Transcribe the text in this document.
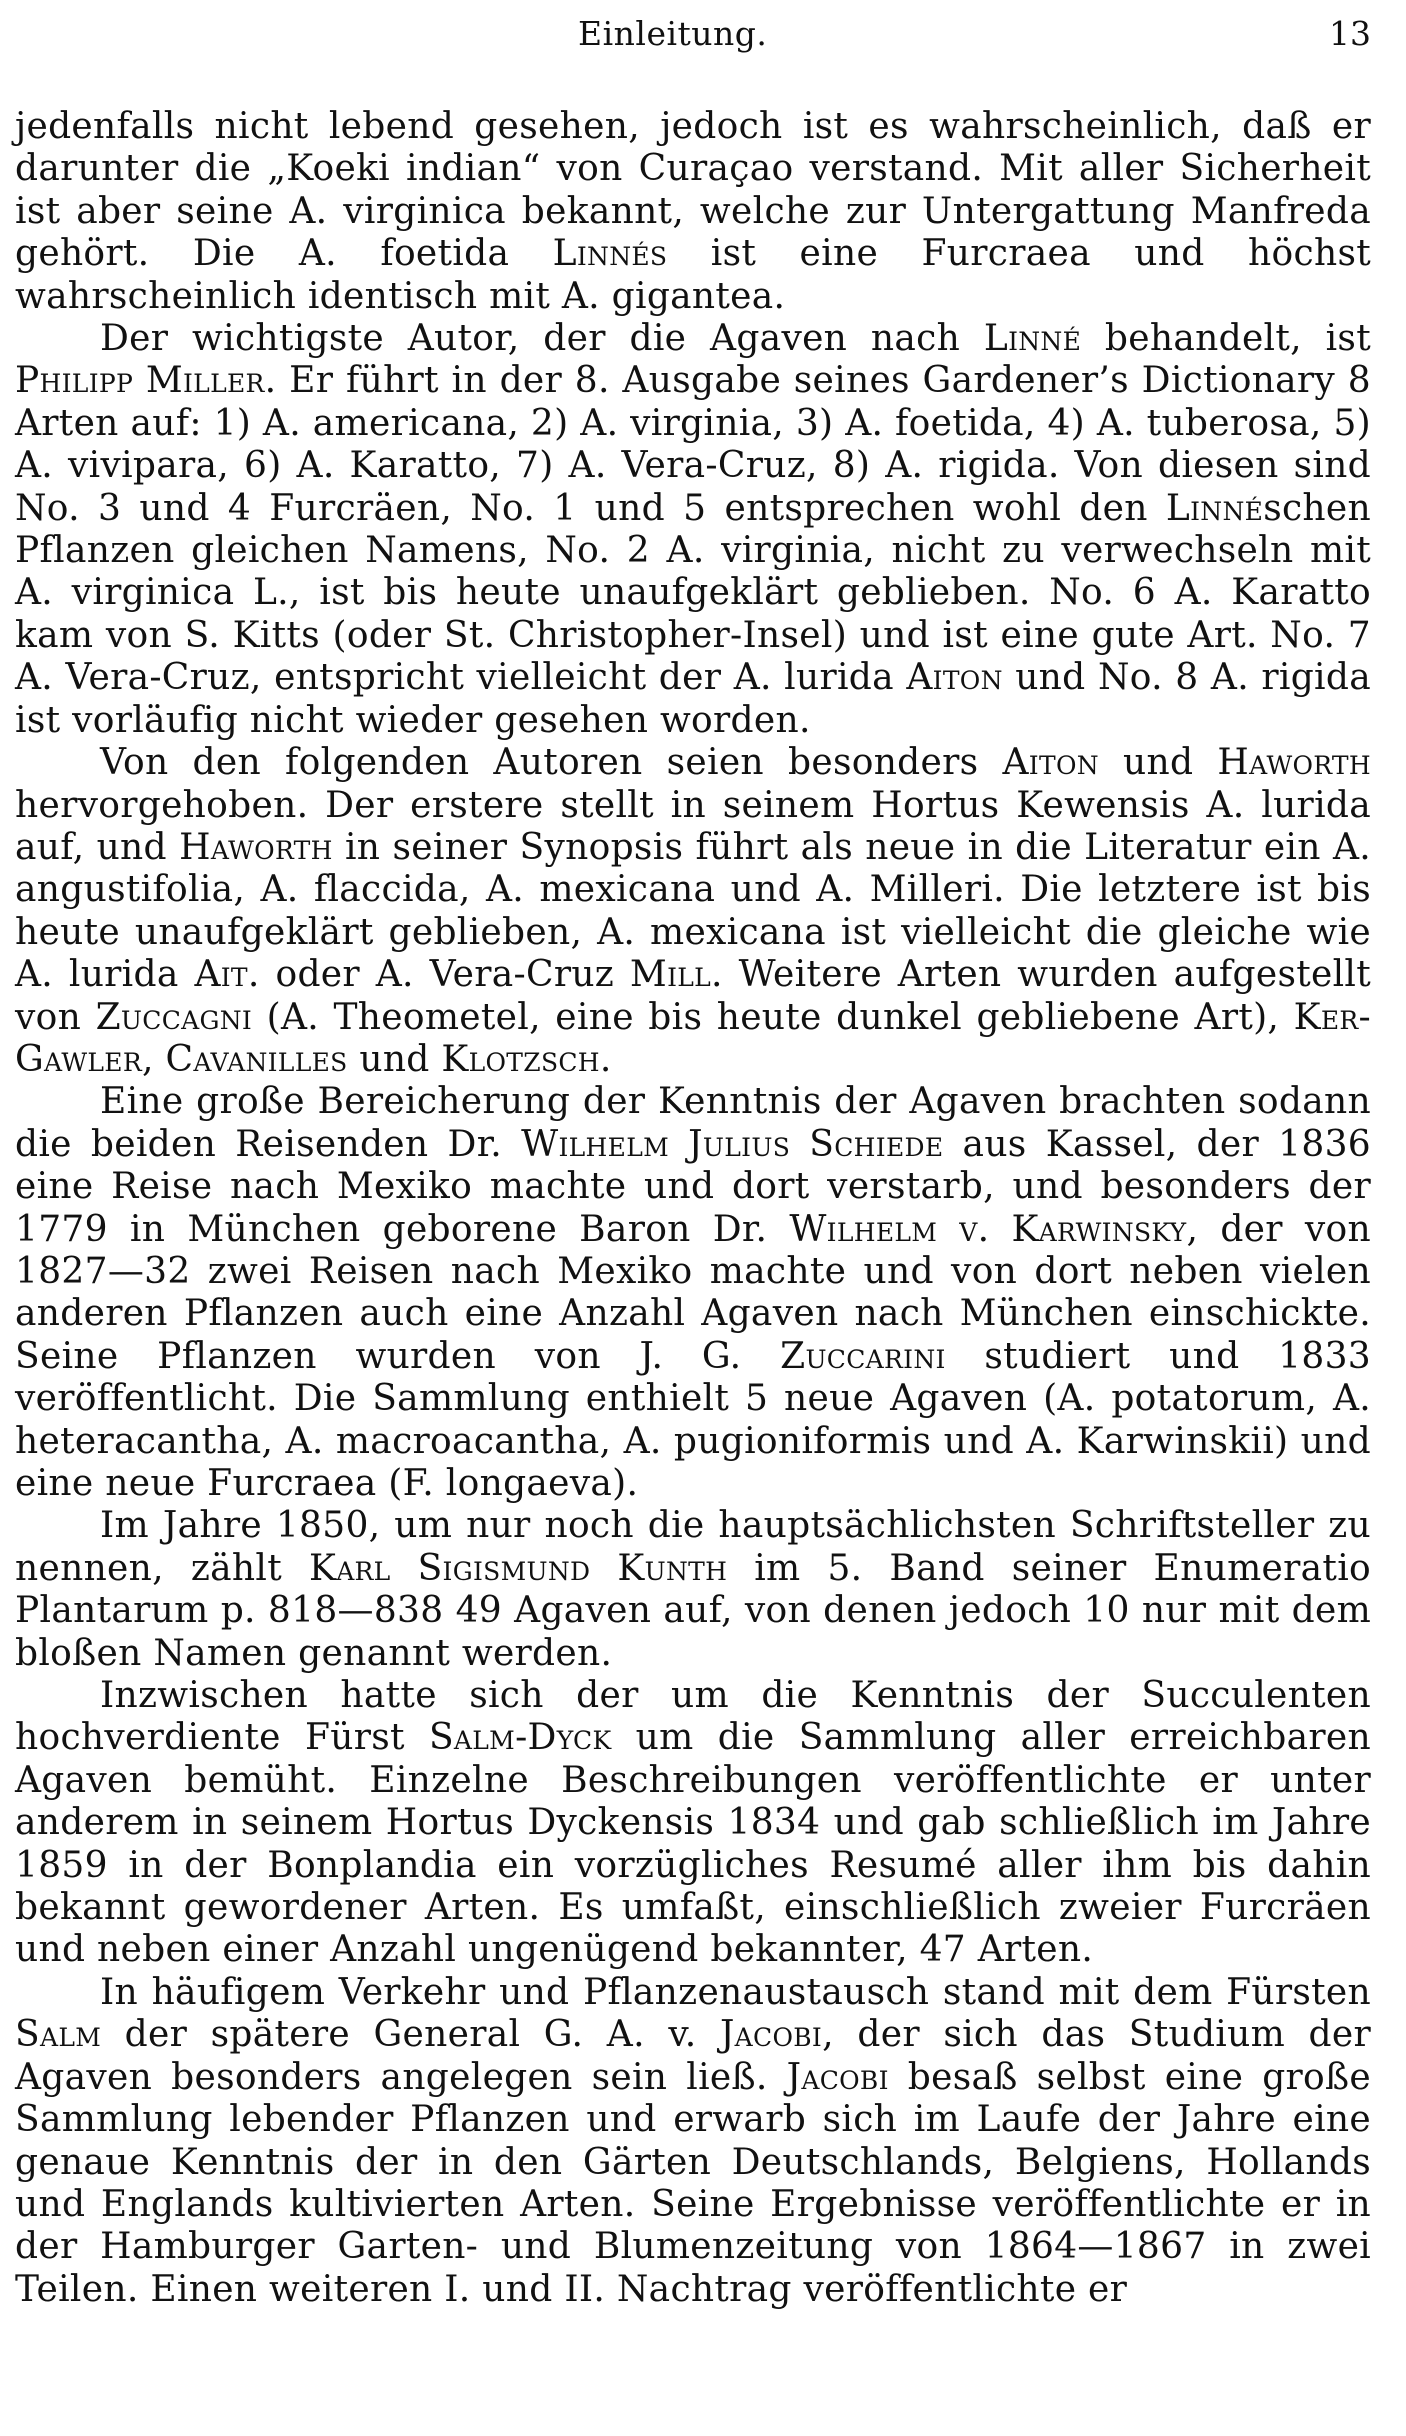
Einleitung.	13

jedenfalls nicht lebend gesehen, jedoch ist es wahrscheinlich, daß er darunter die „Koeki indian“ von Curaçao verstand. Mit aller Sicherheit ist aber seine A. virginica bekannt, welche zur Untergattung Manfreda gehört. Die A. foetida Linnés ist eine Furcraea und höchst wahrscheinlich identisch mit A. gigantea.

Der wichtigste Autor, der die Agaven nach Linné behandelt, ist Philipp Miller. Er führt in der 8. Ausgabe seines Gardener’s Dictionary 8 Arten auf: 1) A. americana, 2) A. virginia, 3) A. foetida, 4) A. tuberosa, 5) A. vivipara, 6) A. Karatto, 7) A. Vera-Cruz, 8) A. rigida. Von diesen sind No. 3 und 4 Furcräen, No. 1 und 5 entsprechen wohl den Linnéschen Pflanzen gleichen Namens, No. 2 A. virginia, nicht zu verwechseln mit A. virginica L., ist bis heute unaufgeklärt geblieben. No. 6 A. Karatto kam von S. Kitts (oder St. Christopher-Insel) und ist eine gute Art. No. 7 A. Vera-Cruz, entspricht vielleicht der A. lurida Aiton und No. 8 A. rigida ist vorläufig nicht wieder gesehen worden.

Von den folgenden Autoren seien besonders Aiton und Haworth hervorgehoben. Der erstere stellt in seinem Hortus Kewensis A. lurida auf, und Haworth in seiner Synopsis führt als neue in die Literatur ein A. angustifolia, A. flaccida, A. mexicana und A. Milleri. Die letztere ist bis heute unaufgeklärt geblieben, A. mexicana ist vielleicht die gleiche wie A. lurida Ait. oder A. Vera-Cruz Mill. Weitere Arten wurden aufgestellt von Zuccagni (A. Theometel, eine bis heute dunkel gebliebene Art), Ker-Gawler, Cavanilles und Klotzsch.

Eine große Bereicherung der Kenntnis der Agaven brachten sodann die beiden Reisenden Dr. Wilhelm Julius Schiede aus Kassel, der 1836 eine Reise nach Mexiko machte und dort verstarb, und besonders der 1779 in München geborene Baron Dr. Wilhelm v. Karwinsky, der von 1827—32 zwei Reisen nach Mexiko machte und von dort neben vielen anderen Pflanzen auch eine Anzahl Agaven nach München einschickte. Seine Pflanzen wurden von J. G. Zuccarini studiert und 1833 veröffentlicht. Die Sammlung enthielt 5 neue Agaven (A. potatorum, A. heteracantha, A. macroacantha, A. pugioniformis und A. Karwinskii) und eine neue Furcraea (F. longaeva).

Im Jahre 1850, um nur noch die hauptsächlichsten Schriftsteller zu nennen, zählt Karl Sigismund Kunth im 5. Band seiner Enumeratio Plantarum p. 818—838 49 Agaven auf, von denen jedoch 10 nur mit dem bloßen Namen genannt werden.

Inzwischen hatte sich der um die Kenntnis der Succulenten hochverdiente Fürst Salm-Dyck um die Sammlung aller erreichbaren Agaven bemüht. Einzelne Beschreibungen veröffentlichte er unter anderem in seinem Hortus Dyckensis 1834 und gab schließlich im Jahre 1859 in der Bonplandia ein vorzügliches Resumé aller ihm bis dahin bekannt gewordener Arten. Es umfaßt, einschließlich zweier Furcräen und neben einer Anzahl ungenügend bekannter, 47 Arten.

In häufigem Verkehr und Pflanzenaustausch stand mit dem Fürsten Salm der spätere General G. A. v. Jacobi, der sich das Studium der Agaven besonders angelegen sein ließ. Jacobi besaß selbst eine große Sammlung lebender Pflanzen und erwarb sich im Laufe der Jahre eine genaue Kenntnis der in den Gärten Deutschlands, Belgiens, Hollands und Englands kultivierten Arten. Seine Ergebnisse veröffentlichte er in der Hamburger Garten- und Blumenzeitung von 1864—1867 in zwei Teilen. Einen weiteren I. und II. Nachtrag veröffentlichte er
